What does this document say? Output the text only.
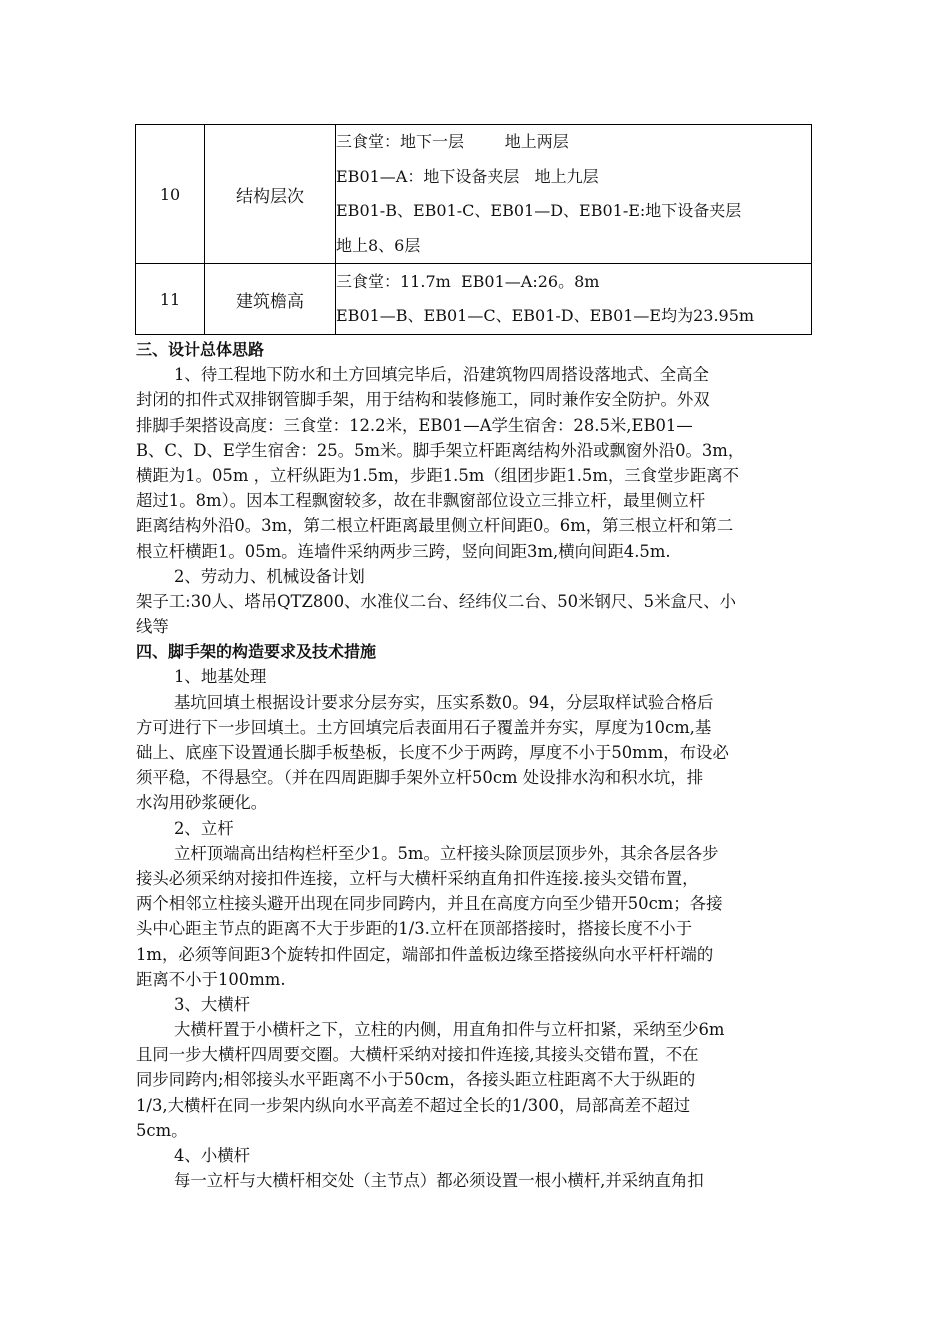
10	结构层次	三食堂：地下一层        地上两层
EB01—A：地下设备夹层   地上九层
EB01-B、EB01-C、EB01—D、EB01-E:地下设备夹层
地上8、6层

11	建筑檐高	三食堂：11.7m  EB01—A:26。8m
EB01—B、EB01—C、EB01-D、EB01—E均为23.95m
三、设计总体思路
1、待工程地下防水和土方回填完毕后，沿建筑物四周搭设落地式、全高全
封闭的扣件式双排钢管脚手架，用于结构和装修施工，同时兼作安全防护。外双
排脚手架搭设高度：三食堂：12.2米，EB01—A学生宿舍：28.5米,EB01—
B、C、D、E学生宿舍：25。5m米。脚手架立杆距离结构外沿或飘窗外沿0。3m，
横距为1。05m ，立杆纵距为1.5m，步距1.5m（组团步距1.5m，三食堂步距离不
超过1。8m）。因本工程飘窗较多，故在非飘窗部位设立三排立杆，最里侧立杆
距离结构外沿0。3m，第二根立杆距离最里侧立杆间距0。6m，第三根立杆和第二
根立杆横距1。05m。连墙件采纳两步三跨，竖向间距3m,横向间距4.5m.
2、劳动力、机械设备计划
架子工:30人、塔吊QTZ800、水准仪二台、经纬仪二台、50米钢尺、5米盒尺、小
线等
四、脚手架的构造要求及技术措施
1、地基处理
基坑回填土根据设计要求分层夯实，压实系数0。94，分层取样试验合格后
方可进行下一步回填土。土方回填完后表面用石子覆盖并夯实，厚度为10cm,基
础上、底座下设置通长脚手板垫板，长度不少于两跨，厚度不小于50mm，布设必
须平稳，不得悬空。（并在四周距脚手架外立杆50cm 处设排水沟和积水坑，排
水沟用砂浆硬化。
2、立杆
立杆顶端高出结构栏杆至少1。5m。立杆接头除顶层顶步外，其余各层各步
接头必须采纳对接扣件连接，立杆与大横杆采纳直角扣件连接.接头交错布置，
两个相邻立柱接头避开出现在同步同跨内，并且在高度方向至少错开50cm；各接
头中心距主节点的距离不大于步距的1/3.立杆在顶部搭接时，搭接长度不小于
1m，必须等间距3个旋转扣件固定，端部扣件盖板边缘至搭接纵向水平杆杆端的
距离不小于100mm.
3、大横杆
大横杆置于小横杆之下，立柱的内侧，用直角扣件与立杆扣紧，采纳至少6m
且同一步大横杆四周要交圈。大横杆采纳对接扣件连接,其接头交错布置，不在
同步同跨内;相邻接头水平距离不小于50cm，各接头距立柱距离不大于纵距的
1/3,大横杆在同一步架内纵向水平高差不超过全长的1/300，局部高差不超过
5cm。
4、小横杆
每一立杆与大横杆相交处（主节点）都必须设置一根小横杆,并采纳直角扣
